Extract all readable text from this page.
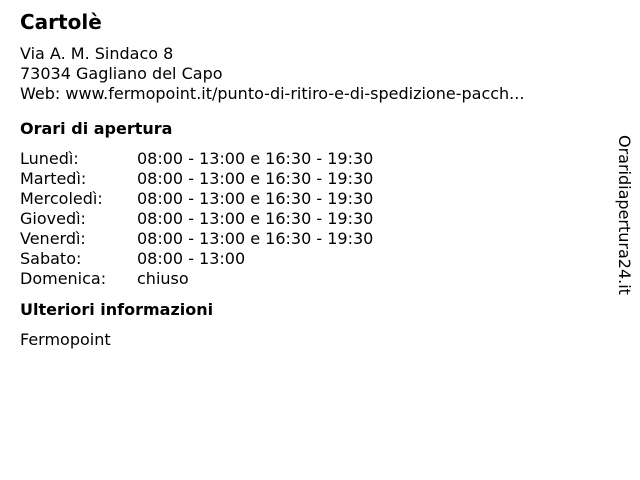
Cartolè
Via A. M. Sindaco 8
73034 Gagliano del Capo
Web: www.fermopoint.it/punto-di-ritiro-e-di-spedizione-pacch...
Orari di apertura
Lunedì:	08:00 - 13:00 e 16:30 - 19:30
Martedì:	08:00 - 13:00 e 16:30 - 19:30
Mercoledì:	08:00 - 13:00 e 16:30 - 19:30
Giovedì:	08:00 - 13:00 e 16:30 - 19:30
Venerdì:	08:00 - 13:00 e 16:30 - 19:30
Sabato:	08:00 - 13:00
Domenica:	chiuso
Ulteriori informazioni
Fermopoint
Oraridiapertura24.it
